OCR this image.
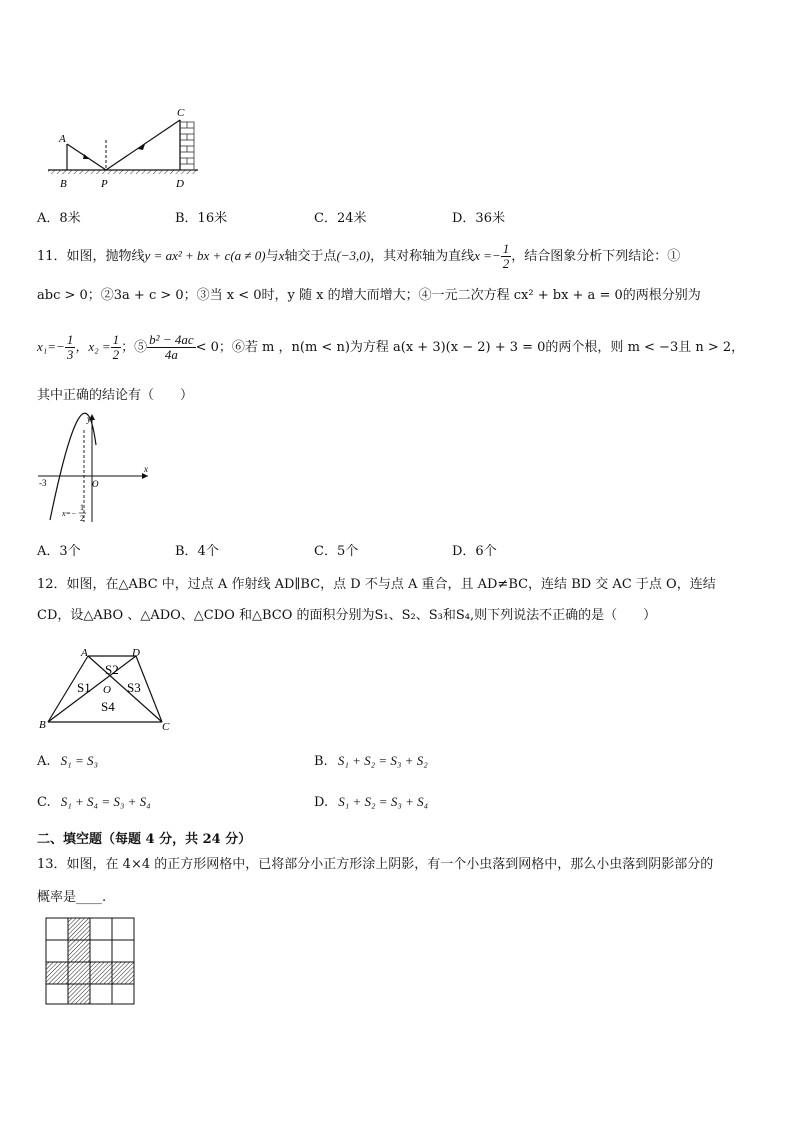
A
B	P
C
D
A．8米	B．16米	C．24米	D．36米
11．如图，抛物线y = ax² + bx + c(a ≠ 0)与x轴交于点(−3,0)，其对称轴为直线$x =- \frac{1}{2}$ ，结合图象分析下列结论：①
abc > 0；②3a + c > 0；③当 x < 0时，y 随 x 的增大而增大；④一元二次方程 cx² + bx + a = 0的两根分别为
$x_1=- \frac{1}{3}$ ，$x_2 = \frac{1}{2}$ ；⑤ $\frac{\text{b² − 4ac}}{4a} < 0$；⑥若 m ，n(m < n)为方程 a(x + 3)(x − 2) + 3 = 0的两个根，则 m < −3且 n > 2，
其中正确的结论有（　　）
y
x
O
-3
x=−
1
2
A．3个	B．4个	C．5个	D．6个
12．如图，在△ABC 中，过点 A 作射线 AD∥BC，点 D 不与点 A 重合，且 AD≠BC，连结 BD 交 AC 于点 O，连结
CD，设△ABO 、△ADO、△CDO 和△BCO 的面积分别为S₁、S₂、S₃和S₄,则下列说法不正确的是（　　）
A	D
B	C
O
S1
S2
S3
S4
A. S₁ = S₃	B. S₁ + S₂ = S₃ + S₂
C. S₁ + S₄ = S₃ + S₄	D. S₁ + S₂ = S₃ + S₄
二、填空题（每题 4 分，共 24 分）
13．如图，在 4×4 的正方形网格中，已将部分小正方形涂上阴影，有一个小虫落到网格中，那么小虫落到阴影部分的
概率是____.
